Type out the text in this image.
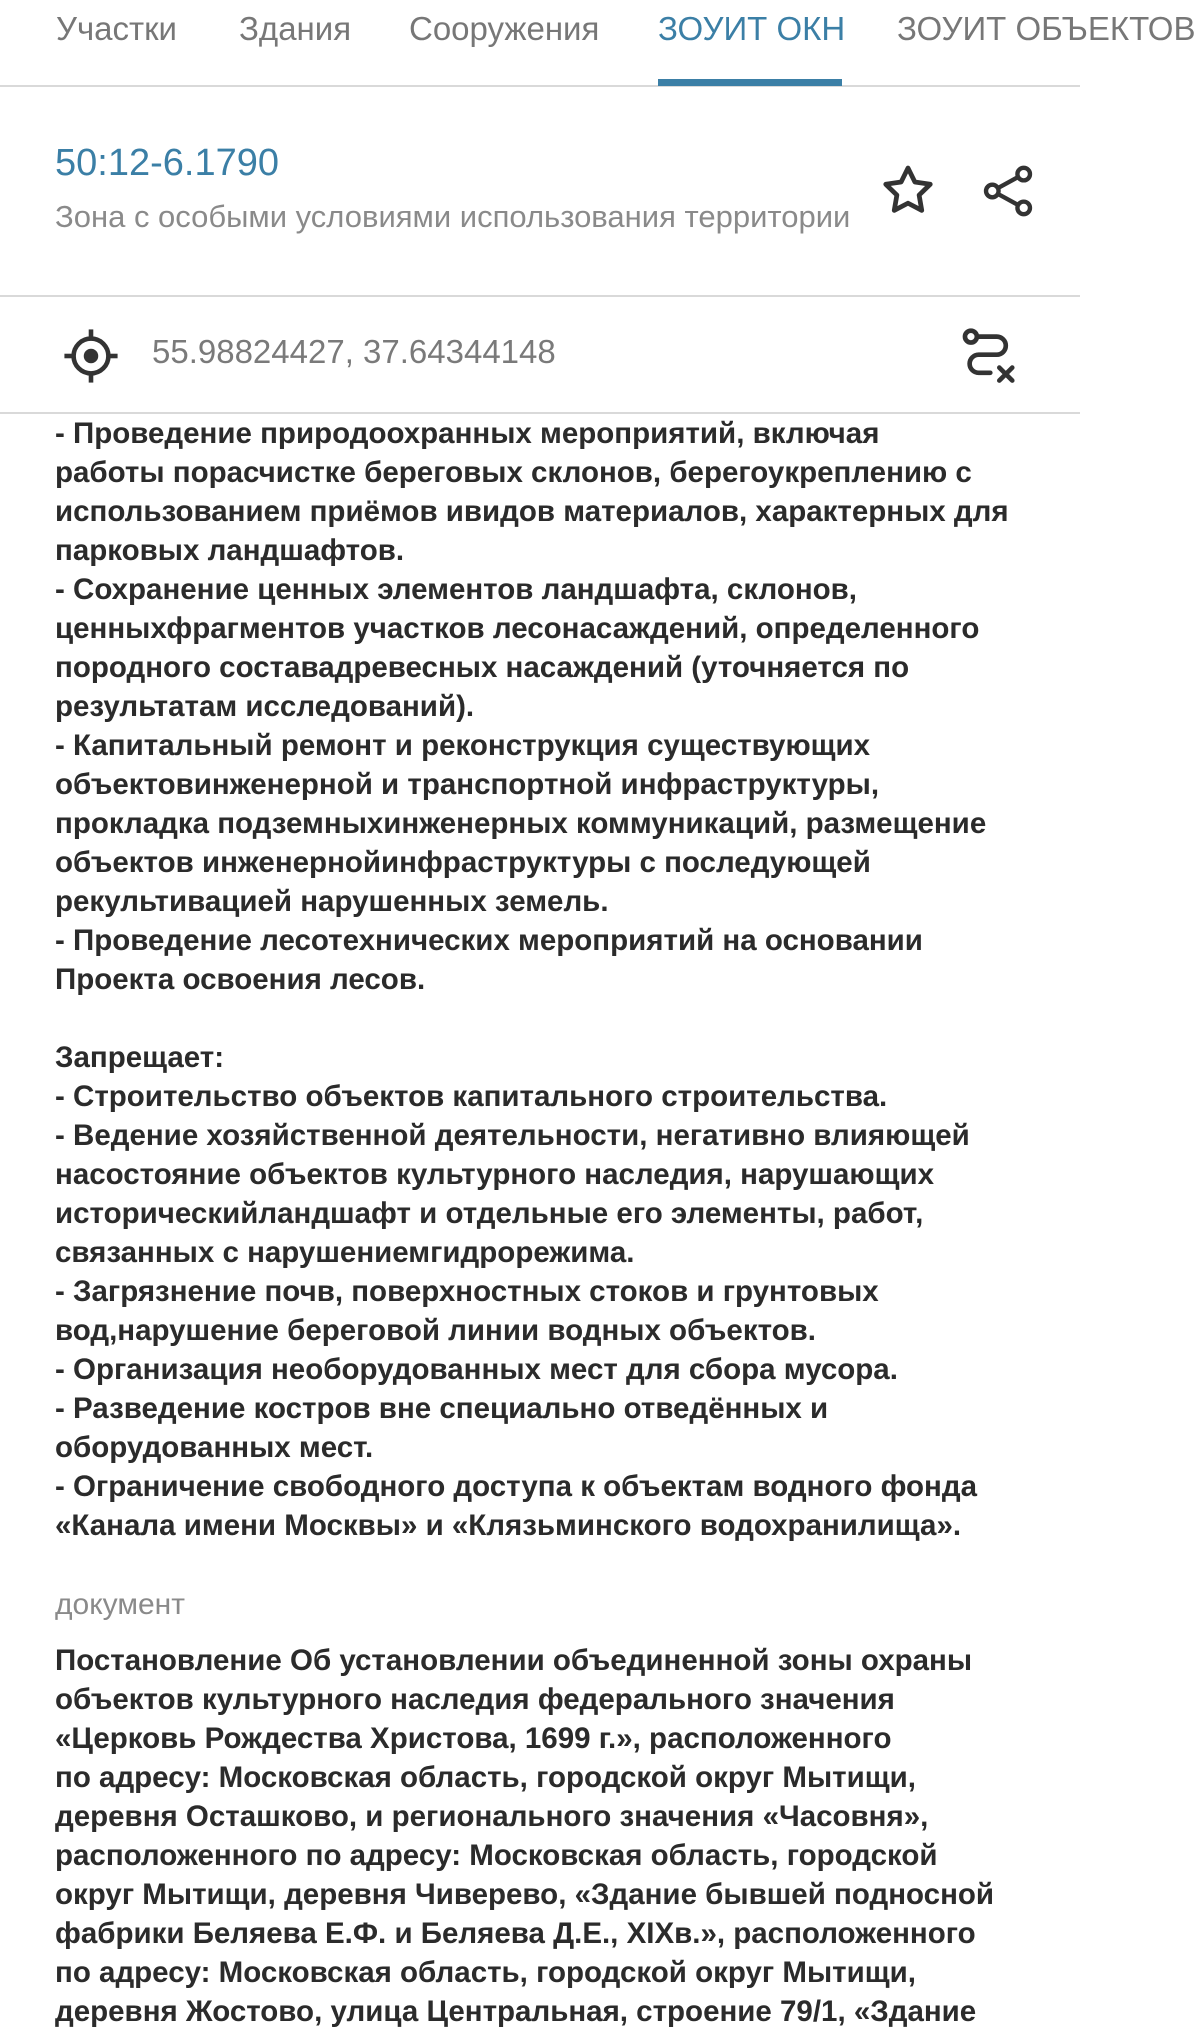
Участки Здания Сооружения ЗОУИТ ОКН ЗОУИТ ОБЪЕКТОВ
50:12-6.1790
Зона с особыми условиями использования территории
55.98824427, 37.64344148
- Проведение природоохранных мероприятий, включая
работы порасчистке береговых склонов, берегоукреплению с
использованием приёмов ивидов материалов, характерных для
парковых ландшафтов.
- Сохранение ценных элементов ландшафта, склонов,
ценныхфрагментов участков лесонасаждений, определенного
породного составадревесных насаждений (уточняется по
результатам исследований).
- Капитальный ремонт и реконструкция существующих
объектовинженерной и транспортной инфраструктуры,
прокладка подземныхинженерных коммуникаций, размещение
объектов инженернойинфраструктуры с последующей
рекультивацией нарушенных земель.
- Проведение лесотехнических мероприятий на основании
Проекта освоения лесов.
Запрещает:
- Строительство объектов капитального строительства.
- Ведение хозяйственной деятельности, негативно влияющей
насостояние объектов культурного наследия, нарушающих
историческийландшафт и отдельные его элементы, работ,
связанных с нарушениемгидрорежима.
- Загрязнение почв, поверхностных стоков и грунтовых
вод,нарушение береговой линии водных объектов.
- Организация необорудованных мест для сбора мусора.
- Разведение костров вне специально отведённых и
оборудованных мест.
- Ограничение свободного доступа к объектам водного фонда
«Канала имени Москвы» и «Клязьминского водохранилища».
документ
Постановление Об установлении объединенной зоны охраны
объектов культурного наследия федерального значения
«Церковь Рождества Христова, 1699 г.», расположенного
по адресу: Московская область, городской округ Мытищи,
деревня Осташково, и регионального значения «Часовня»,
расположенного по адресу: Московская область, городской
округ Мытищи, деревня Чиверево, «Здание бывшей подносной
фабрики Беляева Е.Ф. и Беляева Д.Е., XIXв.», расположенного
по адресу: Московская область, городской округ Мытищи,
деревня Жостово, улица Центральная, строение 79/1, «Здание
